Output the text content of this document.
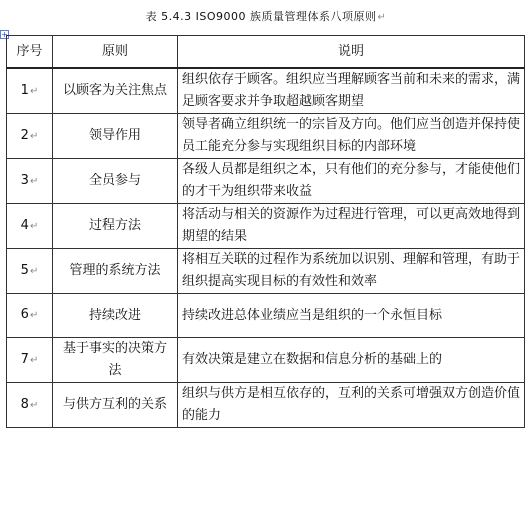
表 5.4.3 ISO9000 族质量管理体系八项原则↵
+
序号	原则	说明
1↵	以顾客为关注焦点	组织依存于顾客。组织应当理解顾客当前和未来的需求，满足顾客要求并争取超越顾客期望
2↵	领导作用	领导者确立组织统一的宗旨及方向。他们应当创造并保持使员工能充分参与实现组织目标的内部环境
3↵	全员参与	各级人员都是组织之本，只有他们的充分参与，才能使他们的才干为组织带来收益
4↵	过程方法	将活动与相关的资源作为过程进行管理，可以更高效地得到期望的结果
5↵	管理的系统方法	将相互关联的过程作为系统加以识别、理解和管理，有助于组织提高实现目标的有效性和效率
6↵	持续改进	持续改进总体业绩应当是组织的一个永恒目标
7↵	基于事实的决策方法	有效决策是建立在数据和信息分析的基础上的
8↵	与供方互利的关系	组织与供方是相互依存的，互利的关系可增强双方创造价值的能力
